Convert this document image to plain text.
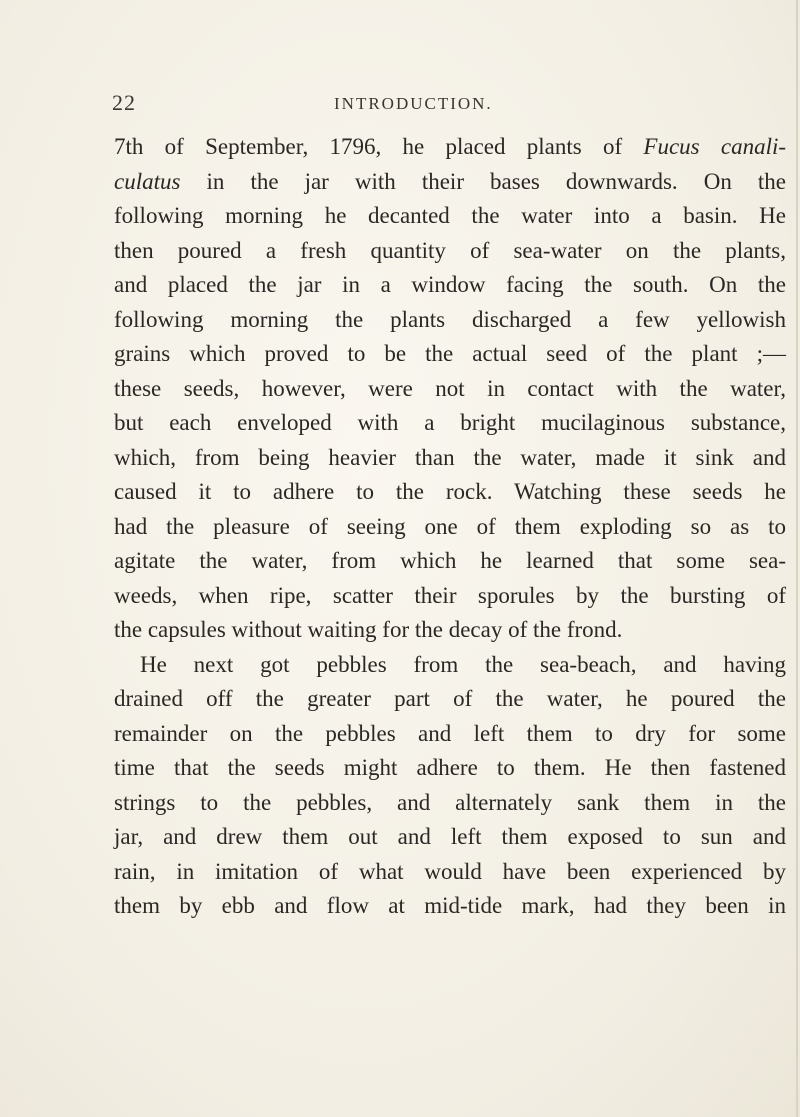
22	INTRODUCTION.
7th of September, 1796, he placed plants of Fucus canali-
culatus in the jar with their bases downwards. On the
following morning he decanted the water into a basin. He
then poured a fresh quantity of sea-water on the plants,
and placed the jar in a window facing the south. On the
following morning the plants discharged a few yellowish
grains which proved to be the actual seed of the plant ;—
these seeds, however, were not in contact with the water,
but each enveloped with a bright mucilaginous substance,
which, from being heavier than the water, made it sink and
caused it to adhere to the rock. Watching these seeds he
had the pleasure of seeing one of them exploding so as to
agitate the water, from which he learned that some sea-
weeds, when ripe, scatter their sporules by the bursting of
the capsules without waiting for the decay of the frond.
He next got pebbles from the sea-beach, and having
drained off the greater part of the water, he poured the
remainder on the pebbles and left them to dry for some
time that the seeds might adhere to them. He then fastened
strings to the pebbles, and alternately sank them in the
jar, and drew them out and left them exposed to sun and
rain, in imitation of what would have been experienced by
them by ebb and flow at mid-tide mark, had they been in
